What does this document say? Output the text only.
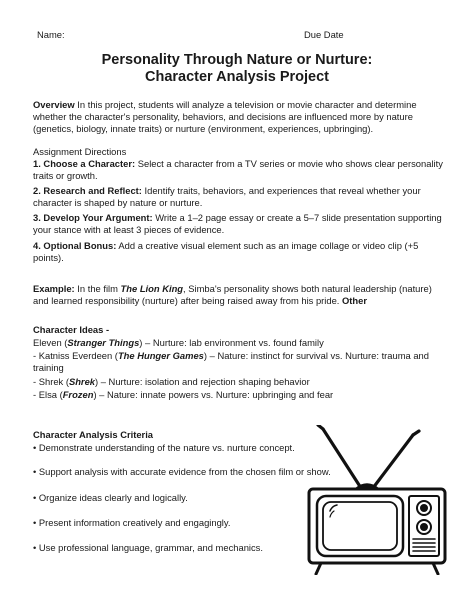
Name:	Due Date
Personality Through Nature or Nurture:
Character Analysis Project
Overview In this project, students will analyze a television or movie character and determine
whether the character's personality, behaviors, and decisions are influenced more by nature
(genetics, biology, innate traits) or nurture (environment, experiences, upbringing).
Assignment Directions
1. Choose a Character: Select a character from a TV series or movie who shows clear personality
traits or growth.
2. Research and Reflect: Identify traits, behaviors, and experiences that reveal whether your
character is shaped by nature or nurture.
3. Develop Your Argument: Write a 1–2 page essay or create a 5–7 slide presentation supporting
your stance with at least 3 pieces of evidence.
4. Optional Bonus: Add a creative visual element such as an image collage or video clip (+5
points).
Example: In the film The Lion King, Simba's personality shows both natural leadership (nature)
and learned responsibility (nurture) after being raised away from his pride. Other
Character Ideas -
Eleven (Stranger Things) – Nurture: lab environment vs. found family
- Katniss Everdeen (The Hunger Games) – Nature: instinct for survival vs. Nurture: trauma and
training
- Shrek (Shrek) – Nurture: isolation and rejection shaping behavior
- Elsa (Frozen) – Nature: innate powers vs. Nurture: upbringing and fear
Character Analysis Criteria
• Demonstrate understanding of the nature vs. nurture concept.
• Support analysis with accurate evidence from the chosen film or show.
• Organize ideas clearly and logically.
• Present information creatively and engagingly.
• Use professional language, grammar, and mechanics.
